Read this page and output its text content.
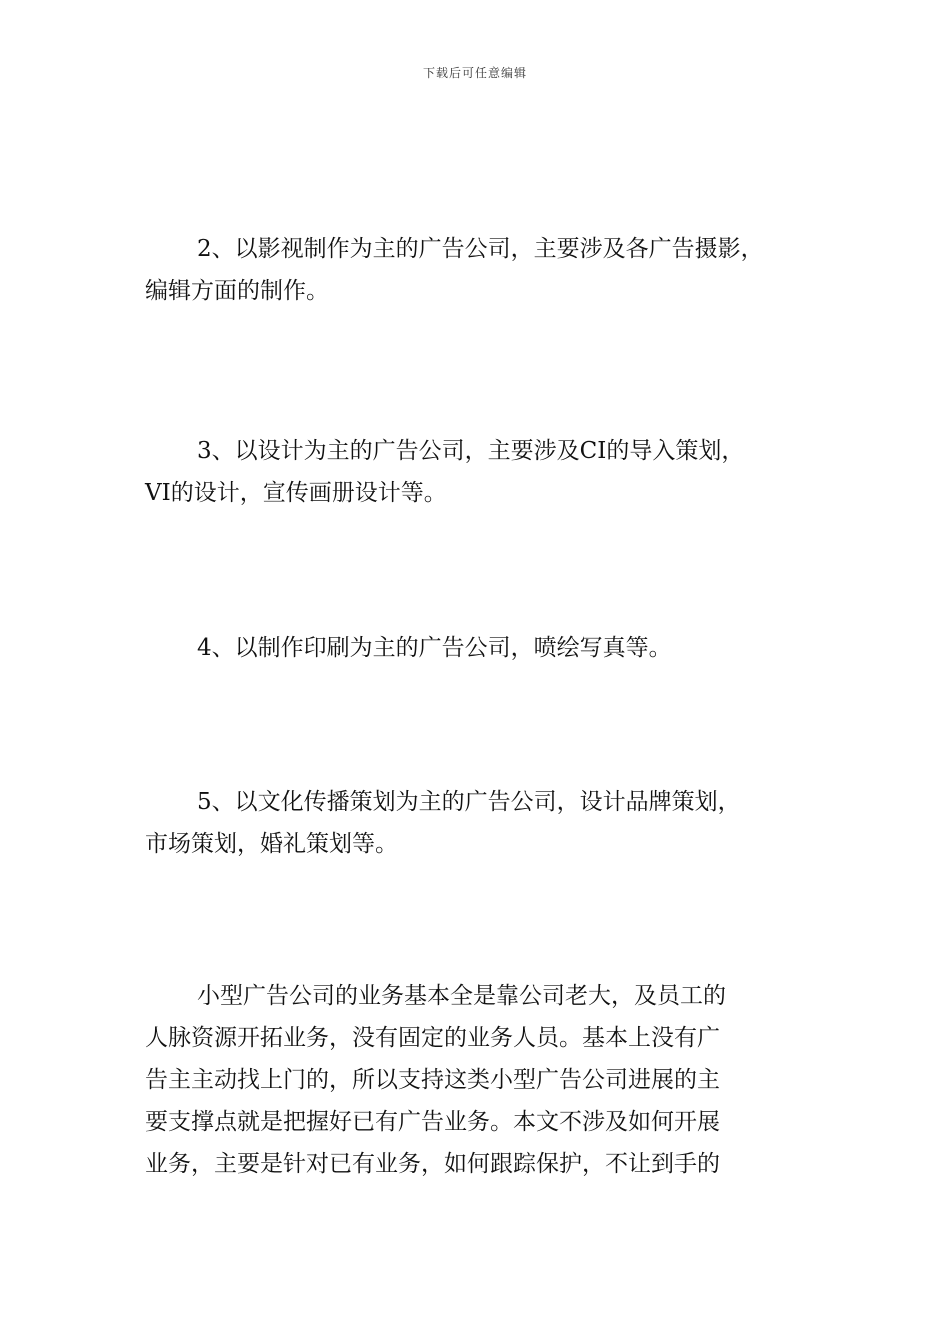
下载后可任意编辑
2、以影视制作为主的广告公司，主要涉及各广告摄影，
编辑方面的制作。
3、以设计为主的广告公司，主要涉及CI的导入策划，
VI的设计，宣传画册设计等。
4、以制作印刷为主的广告公司，喷绘写真等。
5、以文化传播策划为主的广告公司，设计品牌策划，
市场策划，婚礼策划等。
小型广告公司的业务基本全是靠公司老大，及员工的
人脉资源开拓业务，没有固定的业务人员。基本上没有广
告主主动找上门的，所以支持这类小型广告公司进展的主
要支撑点就是把握好已有广告业务。本文不涉及如何开展
业务，主要是针对已有业务，如何跟踪保护，不让到手的
